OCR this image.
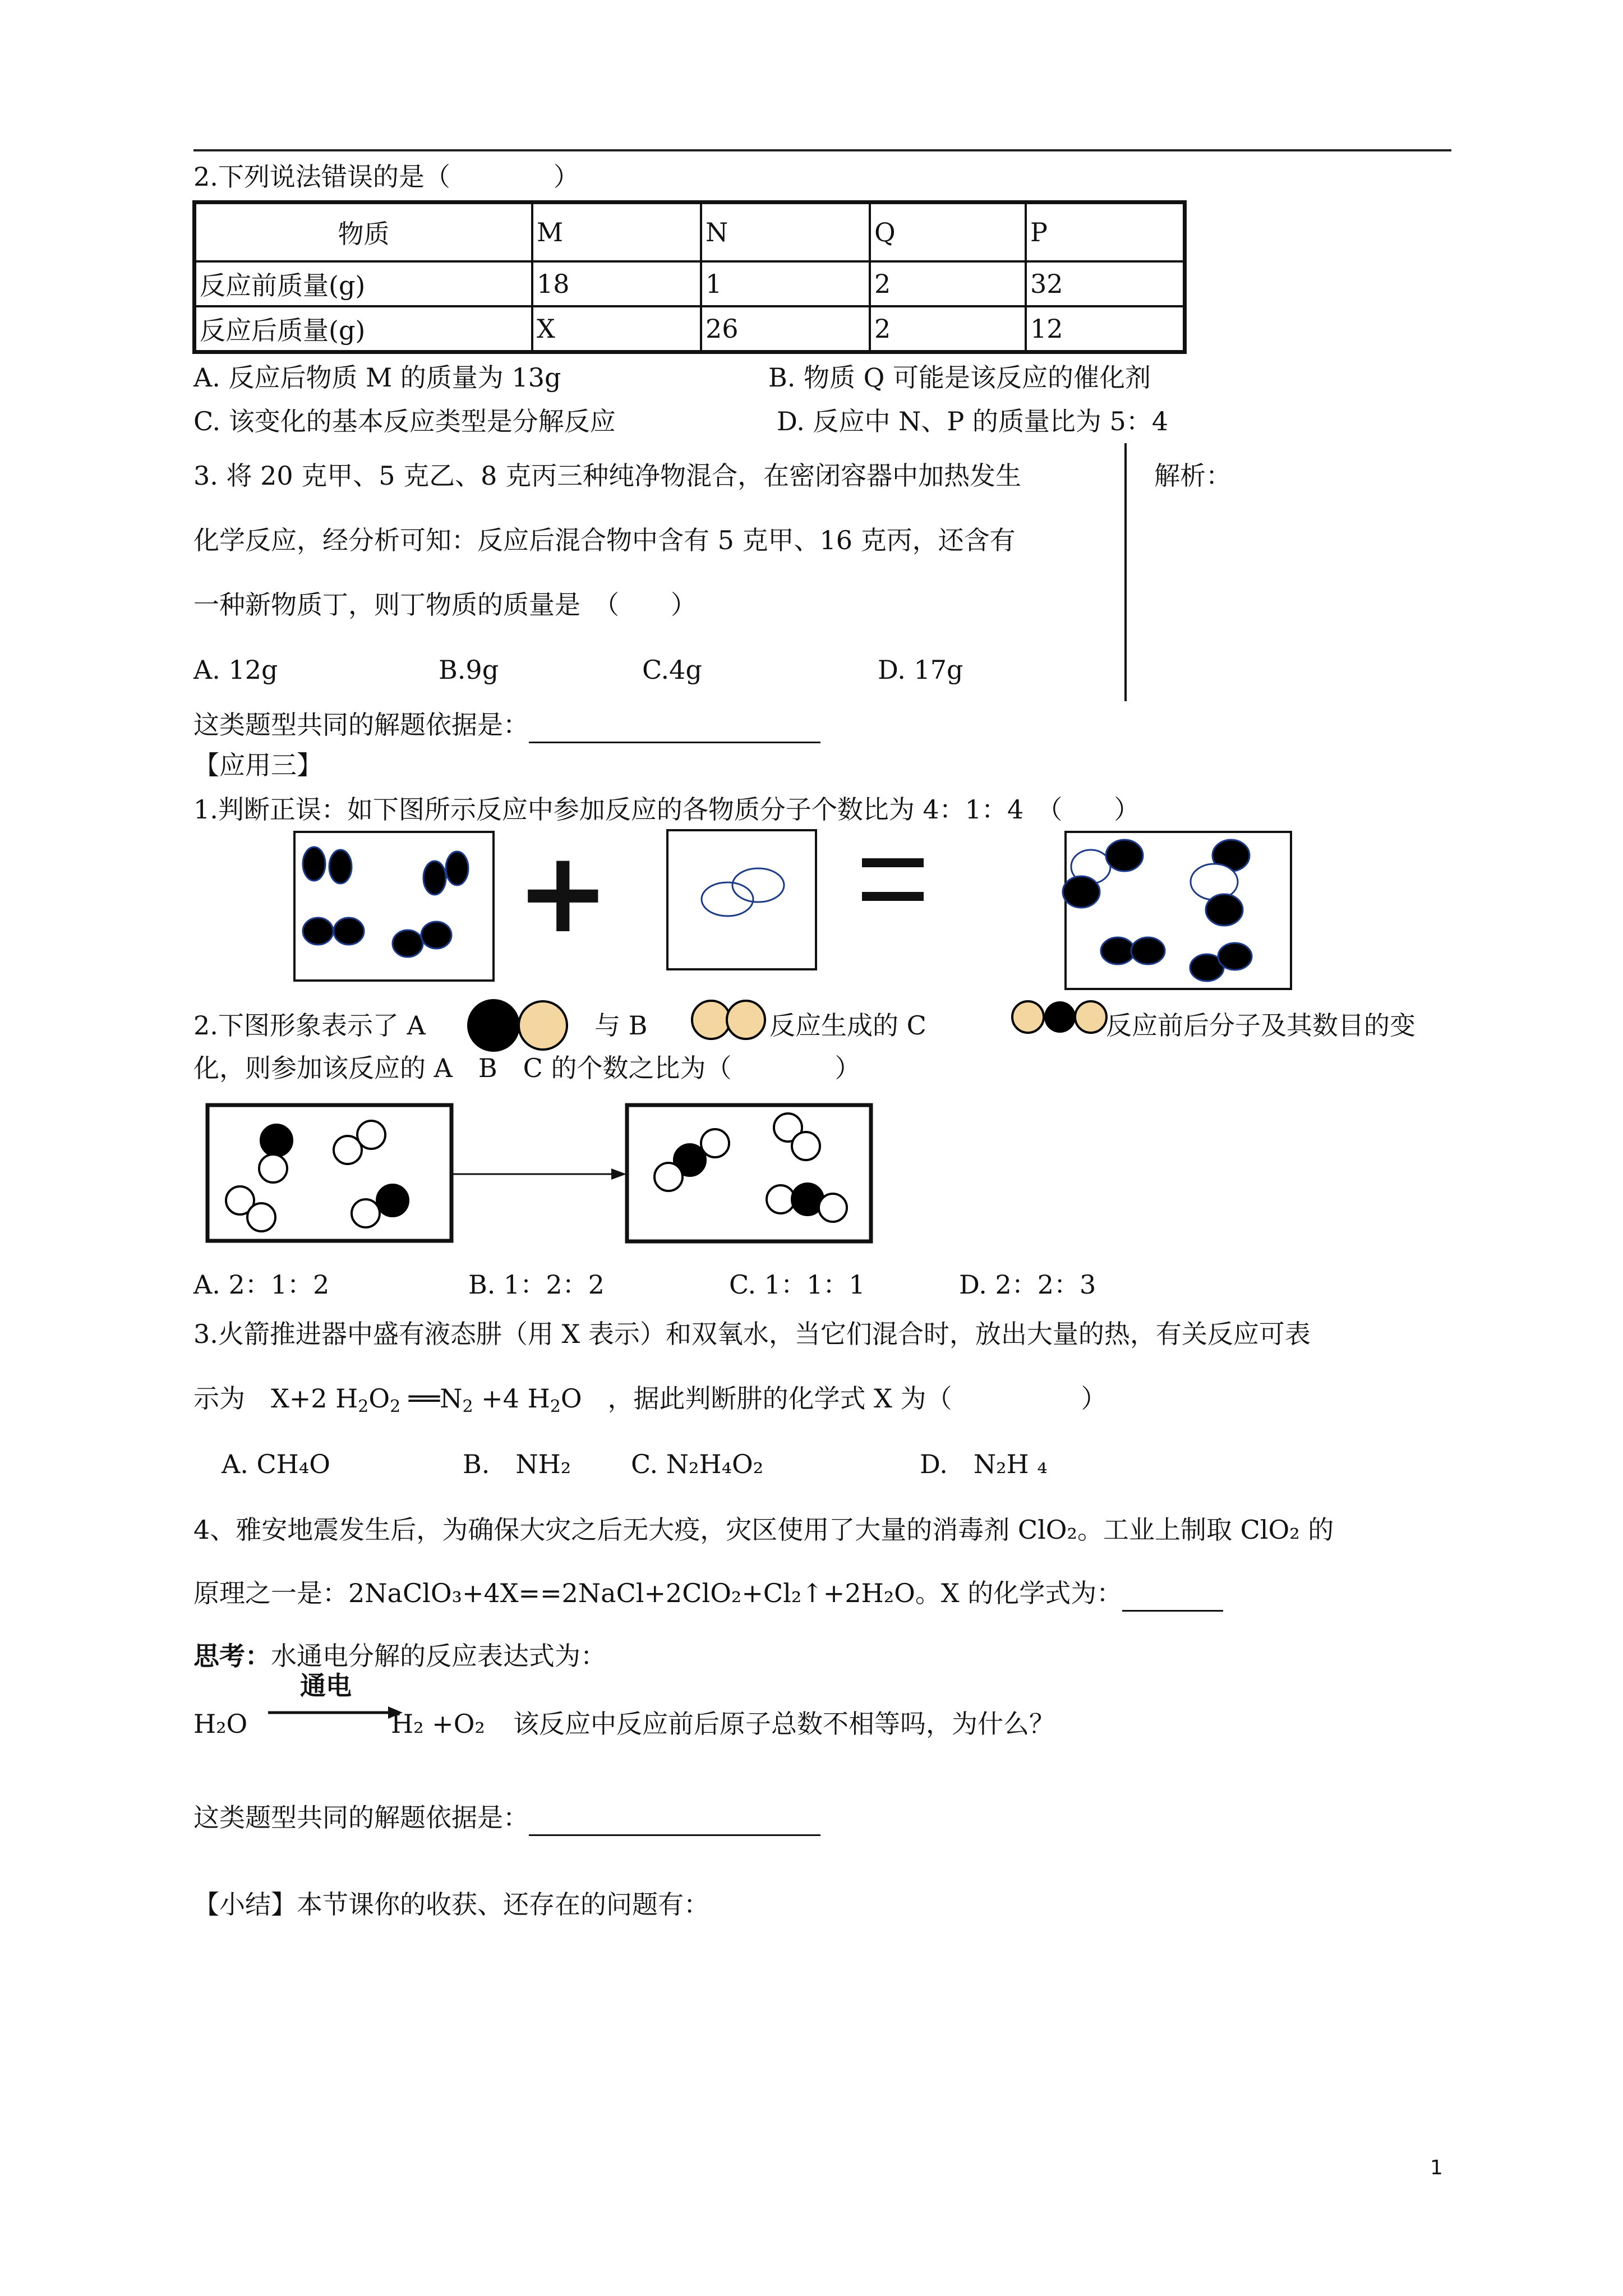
2.下列说法错误的是（　　　　）
物质	M	N	Q	P
反应前质量(g)	18	1	2	32
反应后质量(g)	X	26	2	12
A. 反应后物质 M 的质量为 13g	B. 物质 Q 可能是该反应的催化剂
C. 该变化的基本反应类型是分解反应	D. 反应中 N、P 的质量比为 5：4
3. 将 20 克甲、5 克乙、8 克丙三种纯净物混合，在密闭容器中加热发生
化学反应，经分析可知：反应后混合物中含有 5 克甲、16 克丙，还含有
一种新物质丁，则丁物质的质量是　（　　）
解析：
A. 12g	B.9g	C.4g	D. 17g
这类题型共同的解题依据是：
【应用三】
1.判断正误：如下图所示反应中参加反应的各物质分子个数比为 4：1：4　（　　）
+
2.下图形象表示了 A	与 B	反应生成的 C	反应前后分子及其数目的变
化，则参加该反应的 A　B　C 的个数之比为（　　　　）
A. 2：1：2	B. 1：2：2	C. 1：1：1	D. 2：2：3
3.火箭推进器中盛有液态肼（用 X 表示）和双氧水，当它们混合时，放出大量的热，有关反应可表
示为　X+2 $H_2O_2$ $══N_2 +4$ $H_2O$　，据此判断肼的化学式 X 为（　　　　　）
A. CH₄O	B.　NH₂ C. N₂H₄O₂	D.　N₂H ₄
4、雅安地震发生后，为确保大灾之后无大疫，灾区使用了大量的消毒剂 ClO₂。工业上制取 ClO₂ 的
原理之一是：2NaClO₃+4X==2NaCl+2ClO₂+Cl₂↑+2H₂O。X 的化学式为：
思考：水通电分解的反应表达式为：
通电
H₂O	H₂ +O₂ 该反应中反应前后原子总数不相等吗，为什么？
这类题型共同的解题依据是：
【小结】本节课你的收获、还存在的问题有：
1
